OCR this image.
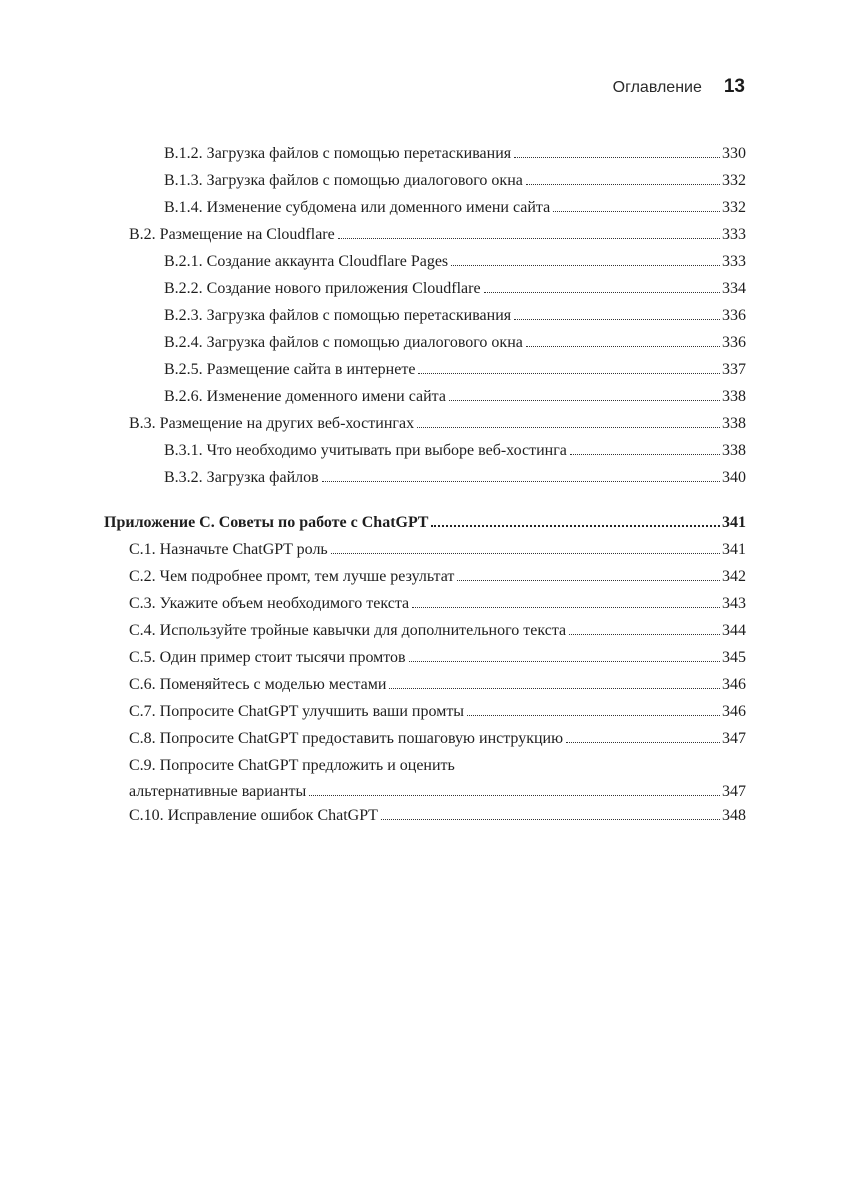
Оглавление 13
B.1.2. Загрузка файлов с помощью перетаскивания	330
B.1.3. Загрузка файлов с помощью диалогового окна	332
B.1.4. Изменение субдомена или доменного имени сайта	332
B.2. Размещение на Cloudflare	333
B.2.1. Создание аккаунта Cloudflare Pages	333
B.2.2. Создание нового приложения Cloudflare	334
B.2.3. Загрузка файлов с помощью перетаскивания	336
B.2.4. Загрузка файлов с помощью диалогового окна	336
B.2.5. Размещение сайта в интернете	337
B.2.6. Изменение доменного имени сайта	338
B.3. Размещение на других веб-хостингах	338
B.3.1. Что необходимо учитывать при выборе веб-хостинга	338
B.3.2. Загрузка файлов	340
Приложение C. Советы по работе с ChatGPT	341
C.1. Назначьте ChatGPT роль	341
C.2. Чем подробнее промт, тем лучше результат	342
C.3. Укажите объем необходимого текста	343
C.4. Используйте тройные кавычки для дополнительного текста	344
C.5. Один пример стоит тысячи промтов	345
C.6. Поменяйтесь с моделью местами	346
C.7. Попросите ChatGPT улучшить ваши промты	346
C.8. Попросите ChatGPT предоставить пошаговую инструкцию	347
C.9. Попросите ChatGPT предложить и оценить
альтернативные варианты	347
C.10. Исправление ошибок ChatGPT	348
